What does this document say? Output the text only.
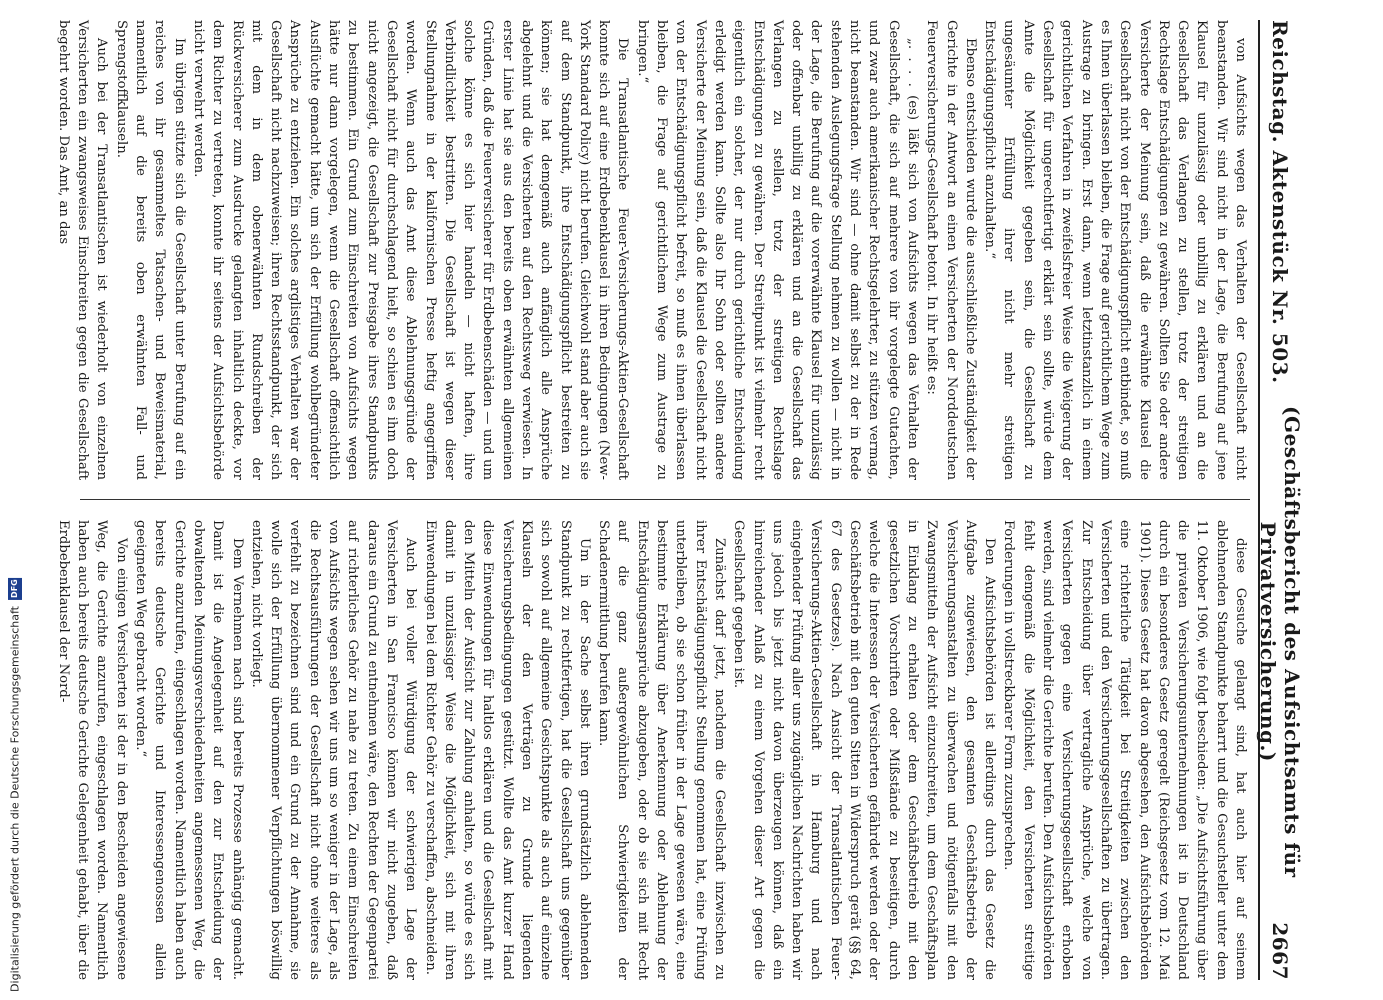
Reichstag. Aktenstück Nr. 503.
(Geschäftsbericht des Aufsichtsamts für Privatversicherung.)
2667

von Aufsichts wegen das Verhalten der Gesellschaft nicht beanstanden. Wir sind nicht in der Lage, die Berufung auf jene Klausel für unzulässig oder unbillig zu erklären und an die Gesellschaft das Verlangen zu stellen, trotz der streitigen Rechtslage Entschädigungen zu gewähren. Sollten Sie oder andere Versicherte der Meinung sein, daß die erwähnte Klausel die Gesellschaft nicht von der Entschädigungspflicht entbindet, so muß es Ihnen überlassen bleiben, die Frage auf gerichtlichem Wege zum Austrage zu bringen. Erst dann, wenn letztinstanzlich in einem gerichtlichen Verfahren in zweifelsfreier Weise die Weigerung der Gesellschaft für ungerechtfertigt erklärt sein sollte, würde dem Amte die Möglichkeit gegeben sein, die Gesellschaft zu ungesäumter Erfüllung ihrer nicht mehr streitigen Entschädigungspflicht anzuhalten.“

Ebenso entschieden wurde die ausschließliche Zuständigkeit der Gerichte in der Antwort an einen Versicherten der Norddeutschen Feuerversicherungs-Gesellschaft betont. In ihr heißt es:

„. . . . (es) läßt sich von Aufsichts wegen das Verhalten der Gesellschaft, die sich auf mehrere von ihr vorgelegte Gutachten, und zwar auch amerikanischer Rechtsgelehrter, zu stützen vermag, nicht beanstanden. Wir sind — ohne damit selbst zu der in Rede stehenden Auslegungsfrage Stellung nehmen zu wollen — nicht in der Lage, die Berufung auf die vorerwähnte Klausel für unzulässig oder offenbar unbillig zu erklären und an die Gesellschaft das Verlangen zu stellen, trotz der streitigen Rechtslage Entschädigungen zu gewähren. Der Streitpunkt ist vielmehr recht eigentlich ein solcher, der nur durch gerichtliche Entscheidung erledigt werden kann. Sollte also Ihr Sohn oder sollten andere Versicherte der Meinung sein, daß die Klausel die Gesellschaft nicht von der Entschädigungspflicht befreit, so muß es ihnen überlassen bleiben, die Frage auf gerichtlichem Wege zum Austrage zu bringen.“

Die Transatlantische Feuer-Versicherungs-Aktien-Gesellschaft konnte sich auf eine Erdbebenklausel in ihren Bedingungen (New-York Standard Policy) nicht berufen. Gleichwohl stand aber auch sie auf dem Standpunkt, ihre Entschädigungspflicht bestreiten zu können; sie hat demgemäß auch anfänglich alle Ansprüche abgelehnt und die Versicherten auf den Rechtsweg verwiesen. In erster Linie hat sie aus den bereits oben erwähnten allgemeinen Gründen, daß die Feuerversicherer für Erdbebenschäden — und um solche könne es sich hier handeln — nicht haften, ihre Verbindlichkeit bestritten. Die Gesellschaft ist wegen dieser Stellungnahme in der kalifornischen Presse heftig angegriffen worden. Wenn auch das Amt diese Ablehnungsgründe der Gesellschaft nicht für durchschlagend hielt, so schien es ihm doch nicht angezeigt, die Gesellschaft zur Preisgabe ihres Standpunkts zu bestimmen. Ein Grund zum Einschreiten von Aufsichts wegen hätte nur dann vorgelegen, wenn die Gesellschaft offensichtlich Ausflüchte gemacht hätte, um sich der Erfüllung wohlbegründeter Ansprüche zu entziehen. Ein solches arglistiges Verhalten war der Gesellschaft nicht nachzuweisen; ihren Rechtsstandpunkt, der sich mit dem in dem obenerwähnten Rundschreiben der Rückversicherer zum Ausdrucke gelangten inhaltlich deckte, vor dem Richter zu vertreten, konnte ihr seitens der Aufsichtsbehörde nicht verwehrt werden.

Im übrigen stützte sich die Gesellschaft unter Berufung auf ein reiches von ihr gesammeltes Tatsachen- und Beweismaterial, namentlich auf die bereits oben erwähnten Fall- und Sprengstoffklauseln.

Auch bei der Transatlantischen ist wiederholt von einzelnen Versicherten ein zwangsweises Einschreiten gegen die Gesellschaft begehrt worden. Das Amt, an das

diese Gesuche gelangt sind, hat auch hier auf seinem ablehnenden Standpunkte beharrt und die Gesuchsteller unter dem 11. Oktober 1906, wie folgt beschieden: „Die Aufsichtsführung über die privaten Versicherungsunternehmungen ist in Deutschland durch ein besonderes Gesetz geregelt (Reichsgesetz vom 12. Mai 1901). Dieses Gesetz hat davon abgesehen, den Aufsichtsbehörden eine richterliche Tätigkeit bei Streitigkeiten zwischen den Versicherten und den Versicherungsgesellschaften zu übertragen. Zur Entscheidung über vertragliche Ansprüche, welche von Versicherten gegen eine Versicherungsgesellschaft erhoben werden, sind vielmehr die Gerichte berufen. Den Aufsichtsbehörden fehlt demgemäß die Möglichkeit, den Versicherten streitige Forderungen in vollstreckbarer Form zuzusprechen.

Den Aufsichtsbehörden ist allerdings durch das Gesetz die Aufgabe zugewiesen, den gesamten Geschäftsbetrieb der Versicherungsanstalten zu überwachen und nötigenfalls mit den Zwangsmitteln der Aufsicht einzuschreiten, um dem Geschäftsplan in Einklang zu erhalten oder dem Geschäftsbetrieb mit den gesetzlichen Vorschriften oder Mißstände zu beseitigen, durch welche die Interessen der Versicherten gefährdet werden oder der Geschäftsbetrieb mit den guten Sitten in Widerspruch gerät (§§ 64, 67 des Gesetzes). Nach Ansicht der Transatlantischen Feuer-Versicherungs-Aktien-Gesellschaft in Hamburg und nach eingehender Prüfung aller uns zugänglichen Nachrichten haben wir uns jedoch bis jetzt nicht davon überzeugen können, daß ein hinreichender Anlaß zu einem Vorgehen dieser Art gegen die Gesellschaft gegeben ist.

Zunächst darf jetzt, nachdem die Gesellschaft inzwischen zu ihrer Entschädigungspflicht Stellung genommen hat, eine Prüfung unterbleiben, ob sie schon früher in der Lage gewesen wäre, eine bestimmte Erklärung über Anerkennung oder Ablehnung der Entschädigungsansprüche abzugeben, oder ob sie sich mit Recht auf die ganz außergewöhnlichen Schwierigkeiten der Schadenermittlung berufen kann.

Um in der Sache selbst ihren grundsätzlich ablehnenden Standpunkt zu rechtfertigen, hat die Gesellschaft uns gegenüber sich sowohl auf allgemeine Gesichtspunkte als auch auf einzelne Klauseln der den Verträgen zu Grunde liegenden Versicherungsbedingungen gestützt. Wollte das Amt kurzer Hand diese Einwendungen für haltlos erklären und die Gesellschaft mit den Mitteln der Aufsicht zur Zahlung anhalten, so würde es sich damit in unzulässiger Weise die Möglichkeit, sich mit ihren Einwendungen bei dem Richter Gehör zu verschaffen, abschneiden.

Auch bei voller Würdigung der schwierigen Lage der Versicherten in San Francisco können wir nicht zugeben, daß daraus ein Grund zu entnehmen wäre, den Rechten der Gegenpartei auf richterliches Gehör zu nahe zu treten. Zu einem Einschreiten von Aufsichts wegen sehen wir uns um so weniger in der Lage, als die Rechtsausführungen der Gesellschaft nicht ohne weiteres als verfehlt zu bezeichnen sind und ein Grund zu der Annahme, sie wolle sich der Erfüllung übernommener Verpflichtungen böswillig entziehen, nicht vorliegt.

Dem Vernehmen nach sind bereits Prozesse anhängig gemacht. Damit ist die Angelegenheit auf den zur Entscheidung der obwaltenden Meinungsverschiedenheiten angemessenen Weg, die Gerichte anzurufen, eingeschlagen worden. Namentlich haben auch bereits deutsche Gerichte und Interessengenossen allein geeigneten Weg gebracht worden.“

Von einigen Versicherten ist der in den Bescheiden angewiesene Weg, die Gerichte anzurufen, eingeschlagen worden. Namentlich haben auch bereits deutsche Gerichte Gelegenheit gehabt, über die Erdbebenklausel der Nord-

Digitalisierung gefördert durch die Deutsche Forschungsgemeinschaft
DFG
